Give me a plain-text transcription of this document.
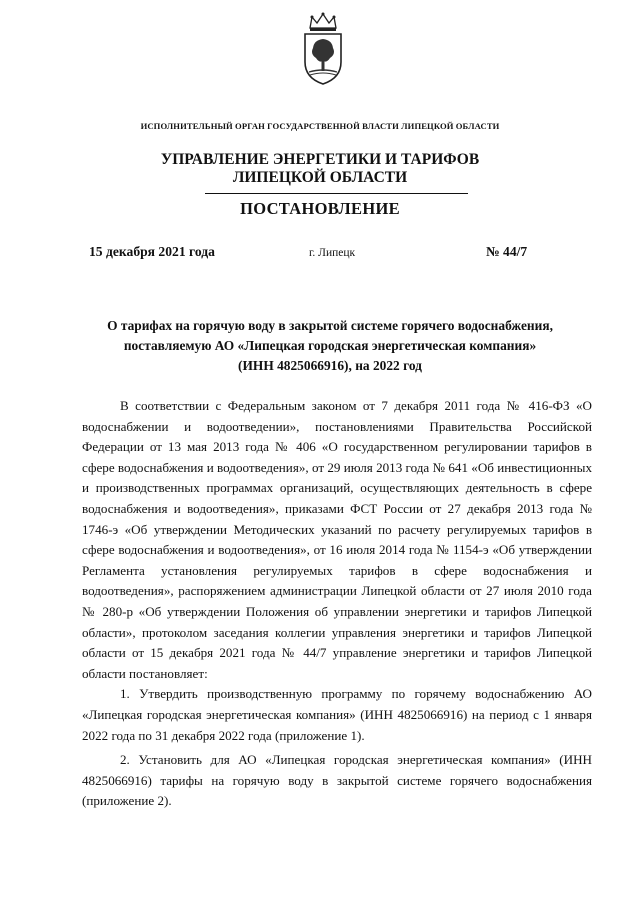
ИСПОЛНИТЕЛЬНЫЙ ОРГАН ГОСУДАРСТВЕННОЙ ВЛАСТИ ЛИПЕЦКОЙ ОБЛАСТИ
УПРАВЛЕНИЕ ЭНЕРГЕТИКИ И ТАРИФОВ
ЛИПЕЦКОЙ ОБЛАСТИ
ПОСТАНОВЛЕНИЕ
15 декабря 2021 года	г. Липецк	№ 44/7
О тарифах на горячую воду в закрытой системе горячего водоснабжения,
поставляемую АО «Липецкая городская энергетическая компания»
(ИНН 4825066916), на 2022 год

В соответствии с Федеральным законом от 7 декабря 2011 года № 416-ФЗ «О водоснабжении и водоотведении», постановлениями Правительства Российской Федерации от 13 мая 2013 года № 406 «О государственном регулировании тарифов в сфере водоснабжения и водоотведения», от 29 июля 2013 года № 641 «Об инвестиционных и производственных программах организаций, осуществляющих деятельность в сфере водоснабжения и водоотведения», приказами ФСТ России от 27 декабря 2013 года № 1746-э «Об утверждении Методических указаний по расчету регулируемых тарифов в сфере водоснабжения и водоотведения», от 16 июля 2014 года № 1154-э «Об утверждении Регламента установления регулируемых тарифов в сфере водоснабжения и водоотведения», распоряжением администрации Липецкой области от 27 июля 2010 года № 280-р «Об утверждении Положения об управлении энергетики и тарифов Липецкой области», протоколом заседания коллегии управления энергетики и тарифов Липецкой области от 15 декабря 2021 года № 44/7 управление энергетики и тарифов Липецкой области постановляет:

1. Утвердить производственную программу по горячему водоснабжению АО «Липецкая городская энергетическая компания» (ИНН 4825066916) на период с 1 января 2022 года по 31 декабря 2022 года (приложение 1).

2. Установить для АО «Липецкая городская энергетическая компания» (ИНН 4825066916) тарифы на горячую воду в закрытой системе горячего водоснабжения (приложение 2).
